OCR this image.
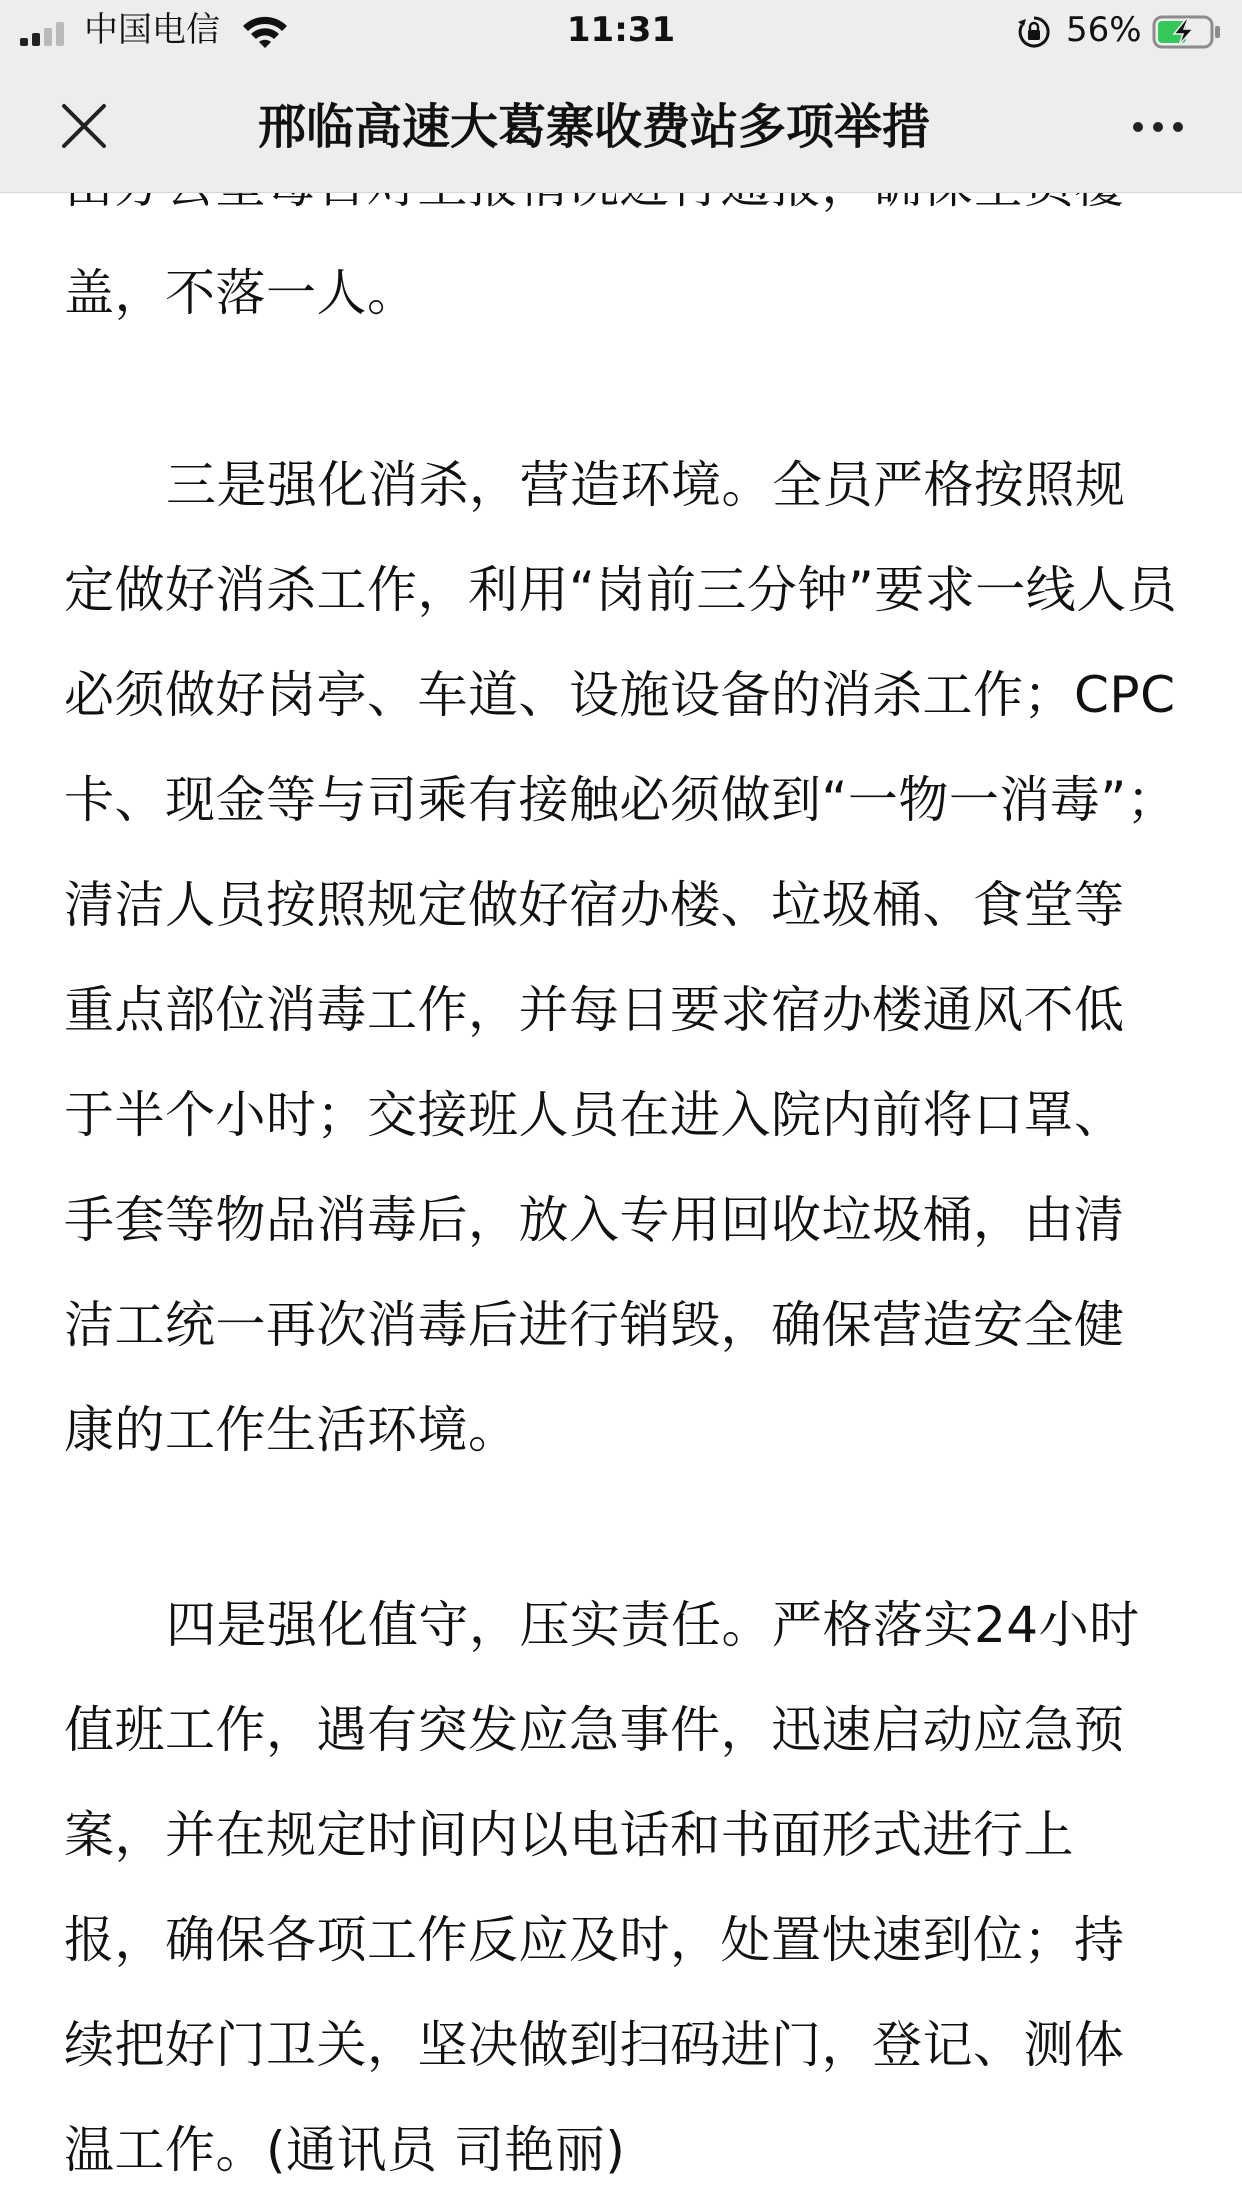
盖，不落一人。
三是强化消杀，营造环境。全员严格按照规
定做好消杀工作，利用“岗前三分钟”要求一线人员
必须做好岗亭、车道、设施设备的消杀工作；CPC
卡、现金等与司乘有接触必须做到“一物一消毒”；
清洁人员按照规定做好宿办楼、垃圾桶、食堂等
重点部位消毒工作，并每日要求宿办楼通风不低
于半个小时；交接班人员在进入院内前将口罩、
手套等物品消毒后，放入专用回收垃圾桶，由清
洁工统一再次消毒后进行销毁，确保营造安全健
康的工作生活环境。
四是强化值守，压实责任。严格落实24小时
值班工作，遇有突发应急事件，迅速启动应急预
案，并在规定时间内以电话和书面形式进行上
报，确保各项工作反应及时，处置快速到位；持
续把好门卫关，坚决做到扫码进门，登记、测体
温工作。(通讯员 司艳丽)
中国电信	11:31	56%
邢临高速大葛寨收费站多项举措
